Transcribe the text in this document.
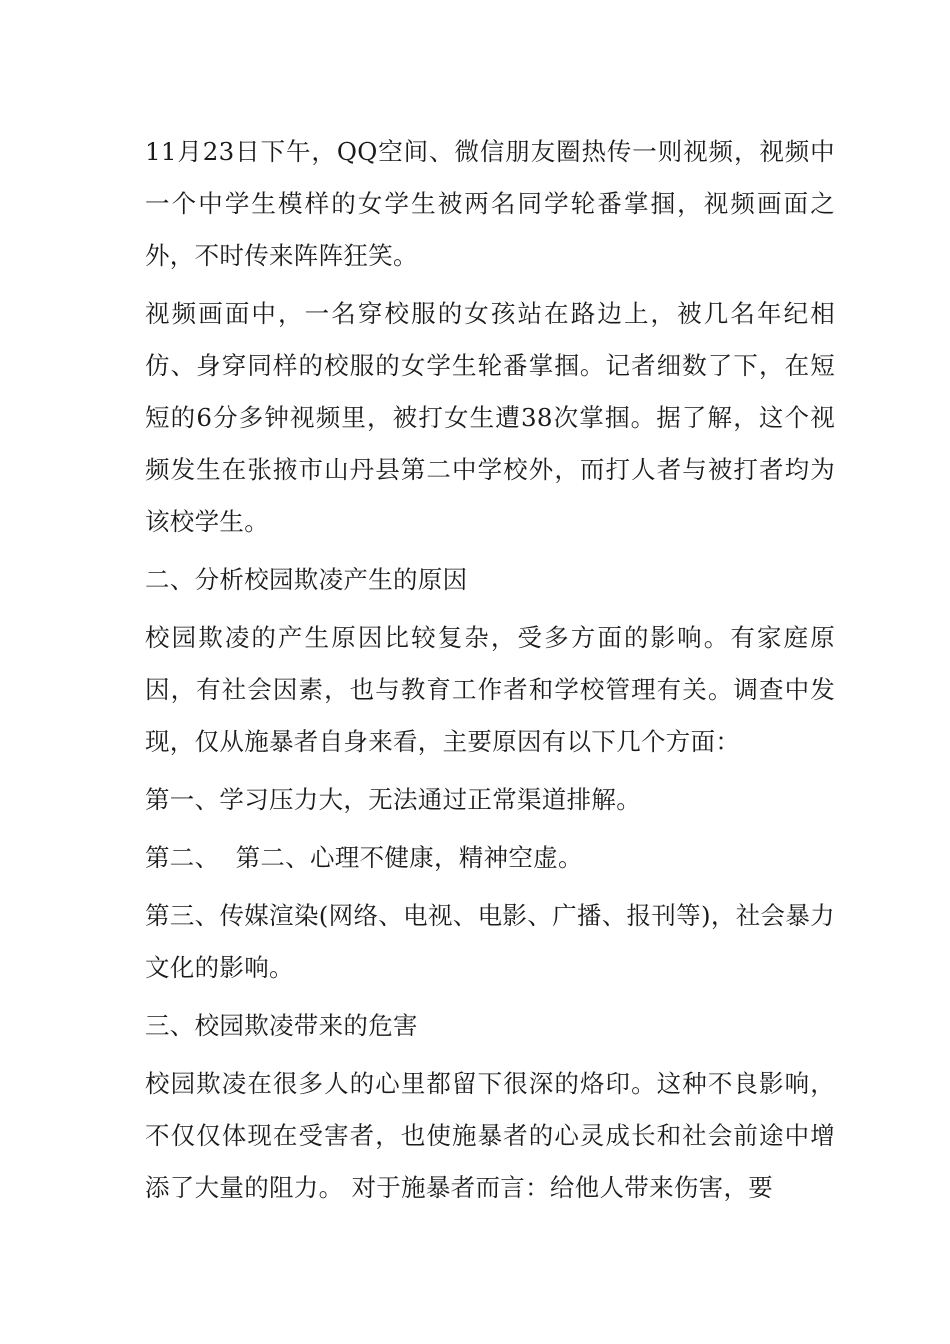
11月23日下午，QQ空间、微信朋友圈热传一则视频，视频中一个中学生模样的女学生被两名同学轮番掌掴，视频画面之外，不时传来阵阵狂笑。

视频画面中，一名穿校服的女孩站在路边上，被几名年纪相仿、身穿同样的校服的女学生轮番掌掴。记者细数了下，在短短的6分多钟视频里，被打女生遭38次掌掴。据了解，这个视频发生在张掖市山丹县第二中学校外，而打人者与被打者均为该校学生。

二、分析校园欺凌产生的原因

校园欺凌的产生原因比较复杂，受多方面的影响。有家庭原因，有社会因素，也与教育工作者和学校管理有关。调查中发现，仅从施暴者自身来看，主要原因有以下几个方面：

第一、学习压力大，无法通过正常渠道排解。

第二、  第二、心理不健康，精神空虚。

第三、传媒渲染(网络、电视、电影、广播、报刊等)，社会暴力文化的影响。

三、校园欺凌带来的危害

校园欺凌在很多人的心里都留下很深的烙印。这种不良影响，不仅仅体现在受害者，也使施暴者的心灵成长和社会前途中增添了大量的阻力。 对于施暴者而言：给他人带来伤害，要
